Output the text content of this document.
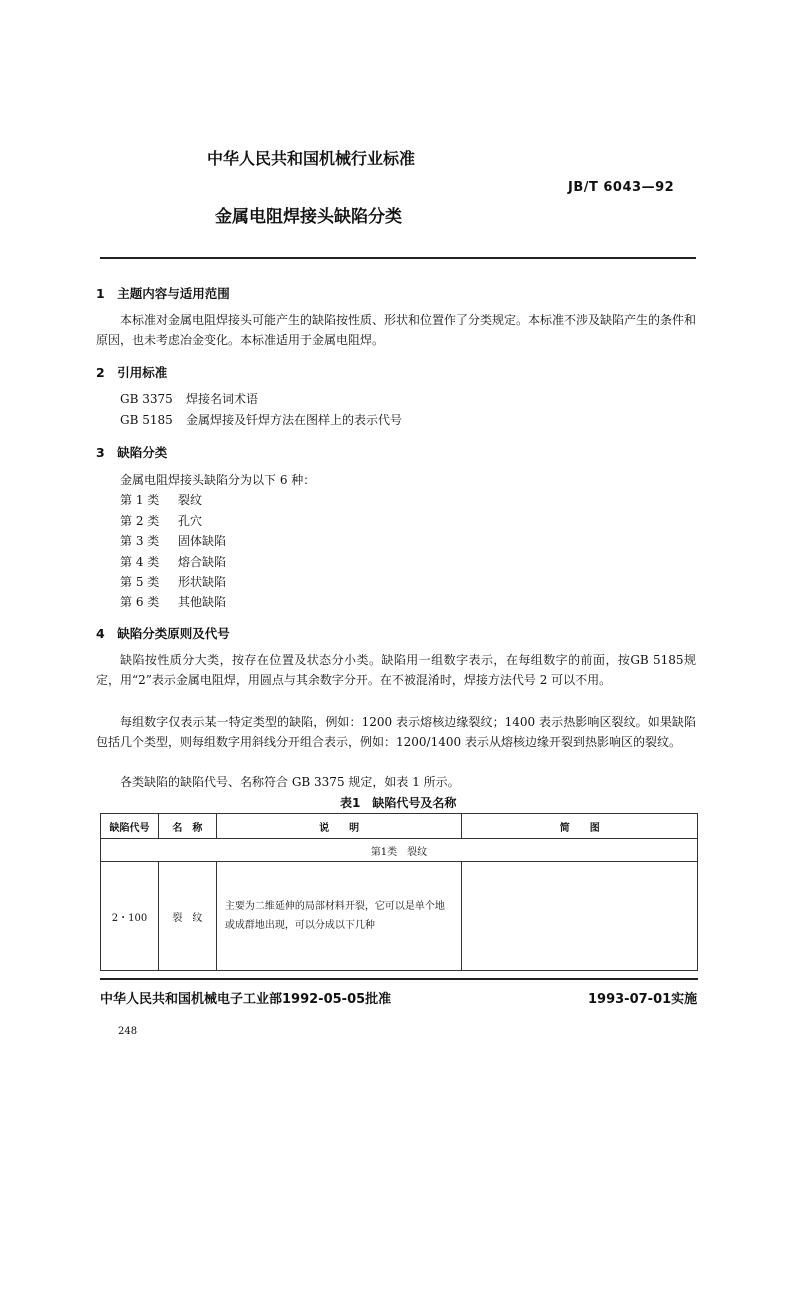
中华人民共和国机械行业标准
JB/T 6043—92
金属电阻焊接头缺陷分类
1　主题内容与适用范围
本标准对金属电阻焊接头可能产生的缺陷按性质、形状和位置作了分类规定。本标准不涉及缺陷产生的条件和原因，也未考虑冶金变化。本标准适用于金属电阻焊。
2　引用标准
GB 3375 焊接名词术语
GB 5185 金属焊接及钎焊方法在图样上的表示代号
3　缺陷分类
金属电阻焊接头缺陷分为以下 6 种：
第 1 类 裂纹
第 2 类 孔穴
第 3 类 固体缺陷
第 4 类 熔合缺陷
第 5 类 形状缺陷
第 6 类 其他缺陷
4　缺陷分类原则及代号
缺陷按性质分大类，按存在位置及状态分小类。缺陷用一组数字表示，在每组数字的前面，按GB 5185规定，用“2”表示金属电阻焊，用圆点与其余数字分开。在不被混淆时，焊接方法代号 2 可以不用。
每组数字仅表示某一特定类型的缺陷，例如：1200 表示熔核边缘裂纹；1400 表示热影响区裂纹。如果缺陷包括几个类型，则每组数字用斜线分开组合表示，例如：1200/1400 表示从熔核边缘开裂到热影响区的裂纹。
各类缺陷的缺陷代号、名称符合 GB 3375 规定，如表 1 所示。
表1　缺陷代号及名称
缺陷代号	名　称	说　　明	简　　图
第1类　裂纹			
2・100	裂　纹	主要为二维延伸的局部材料开裂，它可以是单个地或成群地出现，可以分成以下几种	
中华人民共和国机械电子工业部1992-05-05批准	1993-07-01实施
248
